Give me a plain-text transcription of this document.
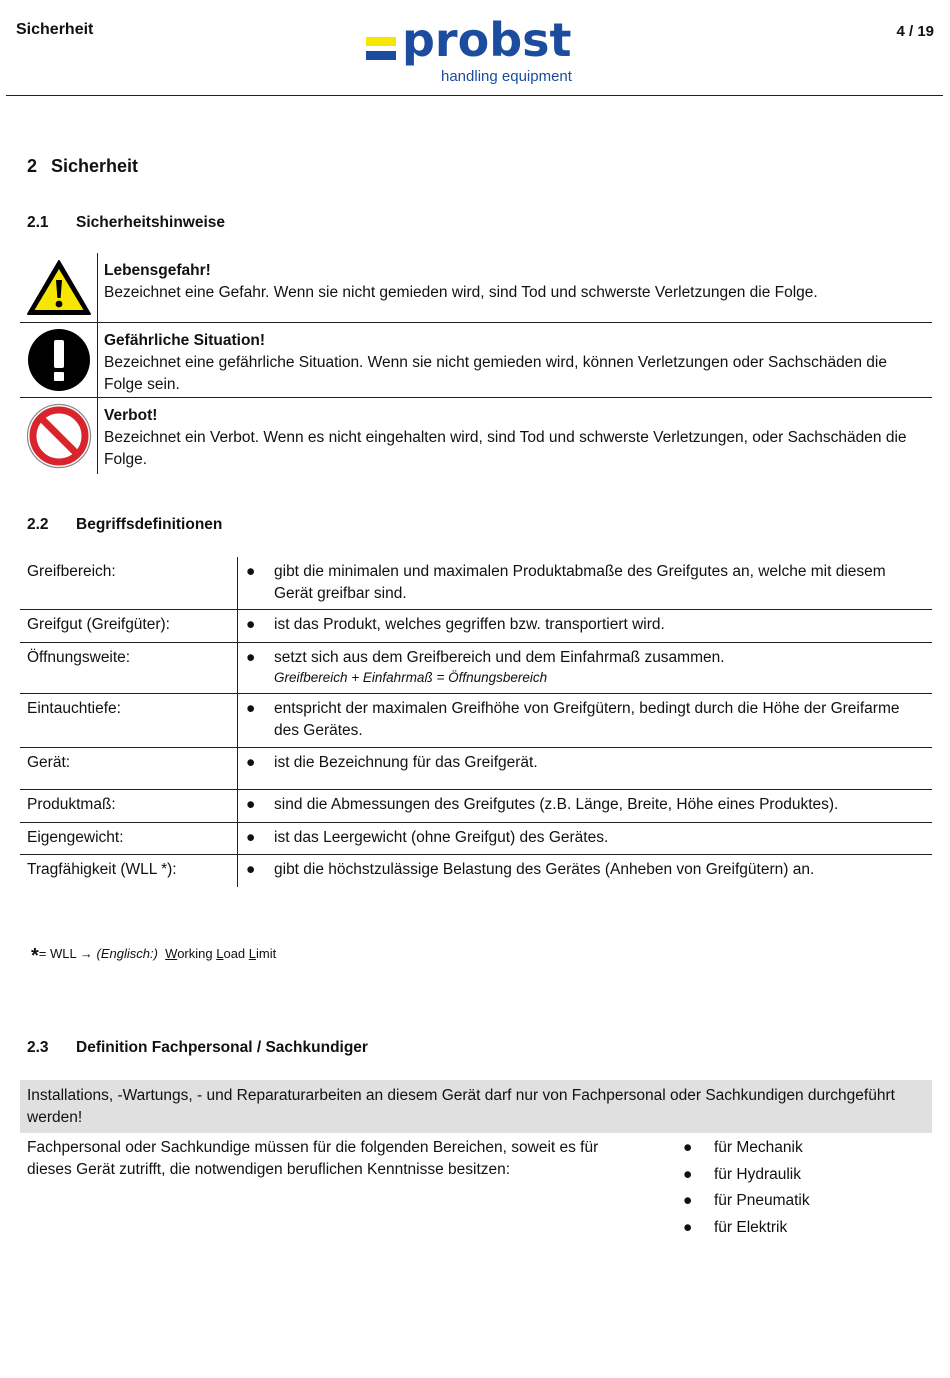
Sicherheit	probst
handling equipment
4 / 19
2 Sicherheit
2.1 Sicherheitshinweise
Lebensgefahr!
Bezeichnet eine Gefahr. Wenn sie nicht gemieden wird, sind Tod und schwerste Verletzungen die Folge.
Gefährliche Situation!
Bezeichnet eine gefährliche Situation. Wenn sie nicht gemieden wird, können Verletzungen oder Sachschäden die Folge sein.
Verbot!
Bezeichnet ein Verbot. Wenn es nicht eingehalten wird, sind Tod und schwerste Verletzungen, oder Sachschäden die Folge.
2.2 Begriffsdefinitionen
Greifbereich:	●	gibt die minimalen und maximalen Produktabmaße des Greifgutes an, welche mit diesem Gerät greifbar sind.
Greifgut (Greifgüter):	●	ist das Produkt, welches gegriffen bzw. transportiert wird.
Öffnungsweite:	●	setzt sich aus dem Greifbereich und dem Einfahrmaß zusammen.
Greifbereich + Einfahrmaß = Öffnungsbereich
Eintauchtiefe:	●	entspricht der maximalen Greifhöhe von Greifgütern, bedingt durch die Höhe der Greifarme des Gerätes.
Gerät:	●	ist die Bezeichnung für das Greifgerät.
Produktmaß:	●	sind die Abmessungen des Greifgutes (z.B. Länge, Breite, Höhe eines Produktes).
Eigengewicht:	●	ist das Leergewicht (ohne Greifgut) des Gerätes.
Tragfähigkeit (WLL *):	●	gibt die höchstzulässige Belastung des Gerätes (Anheben von Greifgütern) an.
*= WLL → (Englisch:) Working Load Limit
2.3 Definition Fachpersonal / Sachkundiger
Installations, -Wartungs, - und Reparaturarbeiten an diesem Gerät darf nur von Fachpersonal oder Sachkundigen durchgeführt werden!
Fachpersonal oder Sachkundige müssen für die folgenden Bereichen, soweit es für dieses Gerät zutrifft, die notwendigen beruflichen Kenntnisse besitzen:
●	für Mechanik
●	für Hydraulik
●	für Pneumatik
●	für Elektrik
